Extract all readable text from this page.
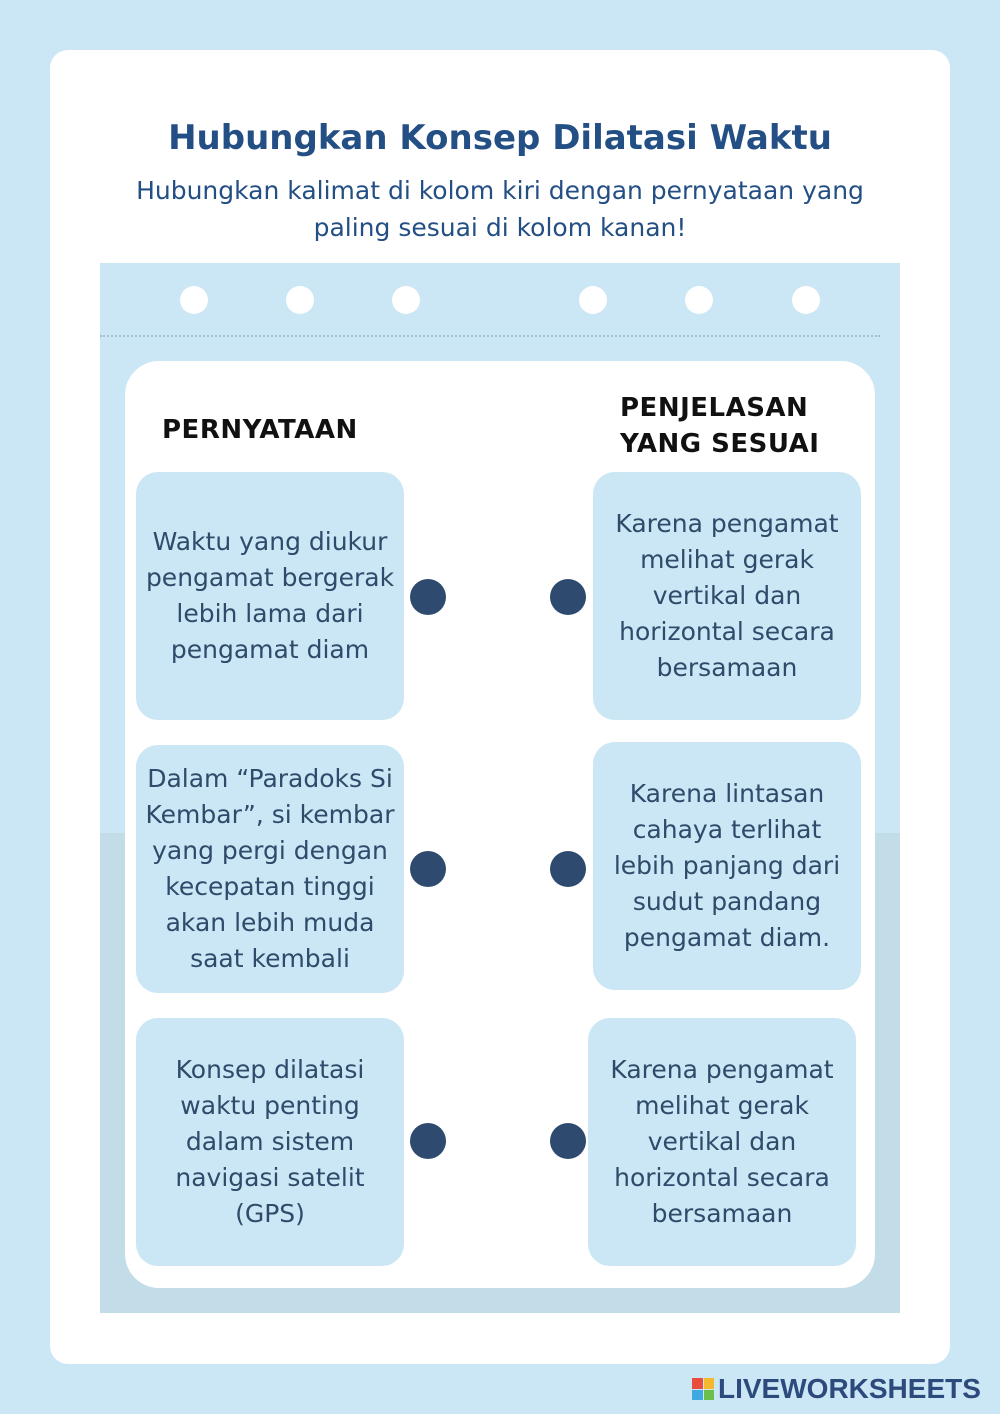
Hubungkan Konsep Dilatasi Waktu

Hubungkan kalimat di kolom kiri dengan pernyataan yang paling sesuai di kolom kanan!

PERNYATAAN
PENJELASAN YANG SESUAI
Waktu yang diukur pengamat bergerak lebih lama dari pengamat diam
Dalam “Paradoks Si Kembar”, si kembar yang pergi dengan kecepatan tinggi akan lebih muda saat kembali
Konsep dilatasi waktu penting dalam sistem navigasi satelit (GPS)
Karena pengamat melihat gerak vertikal dan horizontal secara bersamaan
Karena lintasan cahaya terlihat lebih panjang dari sudut pandang pengamat diam.
Karena pengamat melihat gerak vertikal dan horizontal secara bersamaan
LIVEWORKSHEETS
